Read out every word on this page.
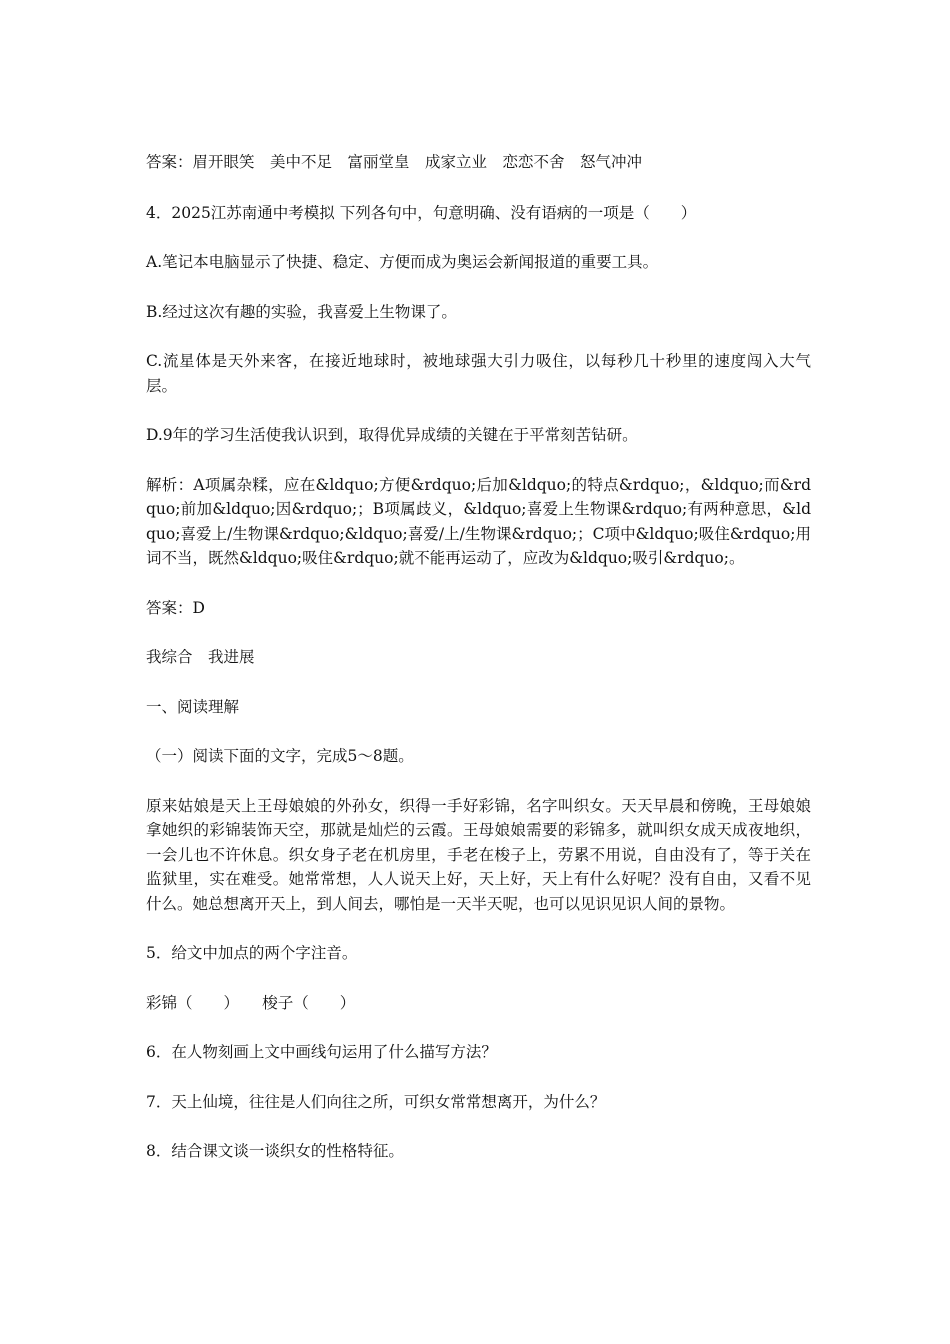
答案：眉开眼笑　美中不足　富丽堂皇　成家立业　恋恋不舍　怒气冲冲

4．2025江苏南通中考模拟 下列各句中，句意明确、没有语病的一项是（　　）

A.笔记本电脑显示了快捷、稳定、方便而成为奥运会新闻报道的重要工具。

B.经过这次有趣的实验，我喜爱上生物课了。

C.流星体是天外来客，在接近地球时，被地球强大引力吸住，以每秒几十秒里的速度闯入大气层。

D.9年的学习生活使我认识到，取得优异成绩的关键在于平常刻苦钻研。

解析：A项属杂糅，应在&ldquo;方便&rdquo;后加&ldquo;的特点&rdquo;，&ldquo;而&rdquo;前加&ldquo;因&rdquo;；B项属歧义，&ldquo;喜爱上生物课&rdquo;有两种意思，&ldquo;喜爱上/生物课&rdquo;&ldquo;喜爱/上/生物课&rdquo;；C项中&ldquo;吸住&rdquo;用词不当，既然&ldquo;吸住&rdquo;就不能再运动了，应改为&ldquo;吸引&rdquo;。

答案：D

我综合　我进展

一、阅读理解

（一）阅读下面的文字，完成5～8题。

原来姑娘是天上王母娘娘的外孙女，织得一手好彩锦，名字叫织女。天天早晨和傍晚，王母娘娘拿她织的彩锦装饰天空，那就是灿烂的云霞。王母娘娘需要的彩锦多，就叫织女成天成夜地织，一会儿也不许休息。织女身子老在机房里，手老在梭子上，劳累不用说，自由没有了，等于关在监狱里，实在难受。她常常想，人人说天上好，天上好，天上有什么好呢？没有自由，又看不见什么。她总想离开天上，到人间去，哪怕是一天半天呢，也可以见识见识人间的景物。

5．给文中加点的两个字注音。

彩锦（　　）　　梭子（　　）

6．在人物刻画上文中画线句运用了什么描写方法？

7．天上仙境，往往是人们向往之所，可织女常常想离开，为什么？

8．结合课文谈一谈织女的性格特征。
